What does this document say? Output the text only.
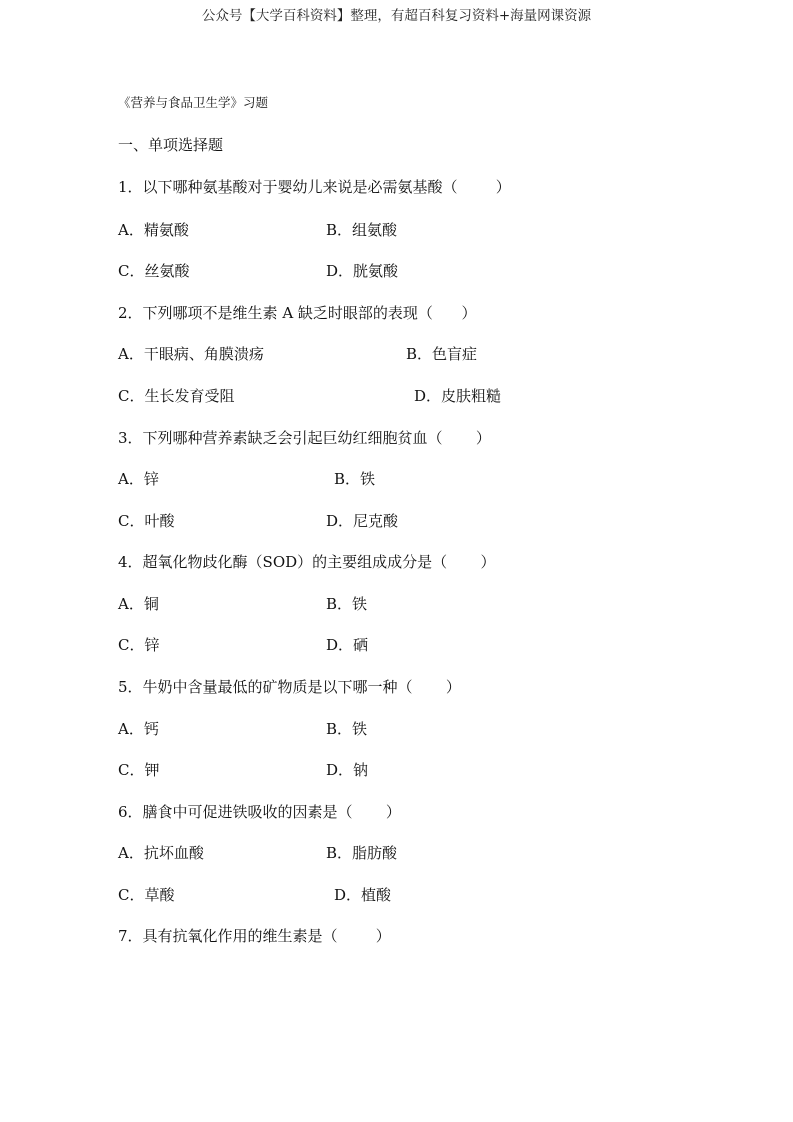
公众号【大学百科资料】整理，有超百科复习资料+海量网课资源
《营养与食品卫生学》习题
一、单项选择题
1．以下哪种氨基酸对于婴幼儿来说是必需氨基酸（        ）
A．精氨酸	B．组氨酸
C．丝氨酸	D．胱氨酸
2．下列哪项不是维生素 A 缺乏时眼部的表现（      ）
A．干眼病、角膜溃疡	B．色盲症
C．生长发育受阻	D．皮肤粗糙
3．下列哪种营养素缺乏会引起巨幼红细胞贫血（       ）
A．锌	B．铁
C．叶酸	D．尼克酸
4．超氧化物歧化酶（SOD）的主要组成成分是（       ）
A．铜	B．铁
C．锌	D．硒
5．牛奶中含量最低的矿物质是以下哪一种（       ）
A．钙	B．铁
C．钾	D．钠
6．膳食中可促进铁吸收的因素是（       ）
A．抗坏血酸	B．脂肪酸
C．草酸	D．植酸
7．具有抗氧化作用的维生素是（        ）
